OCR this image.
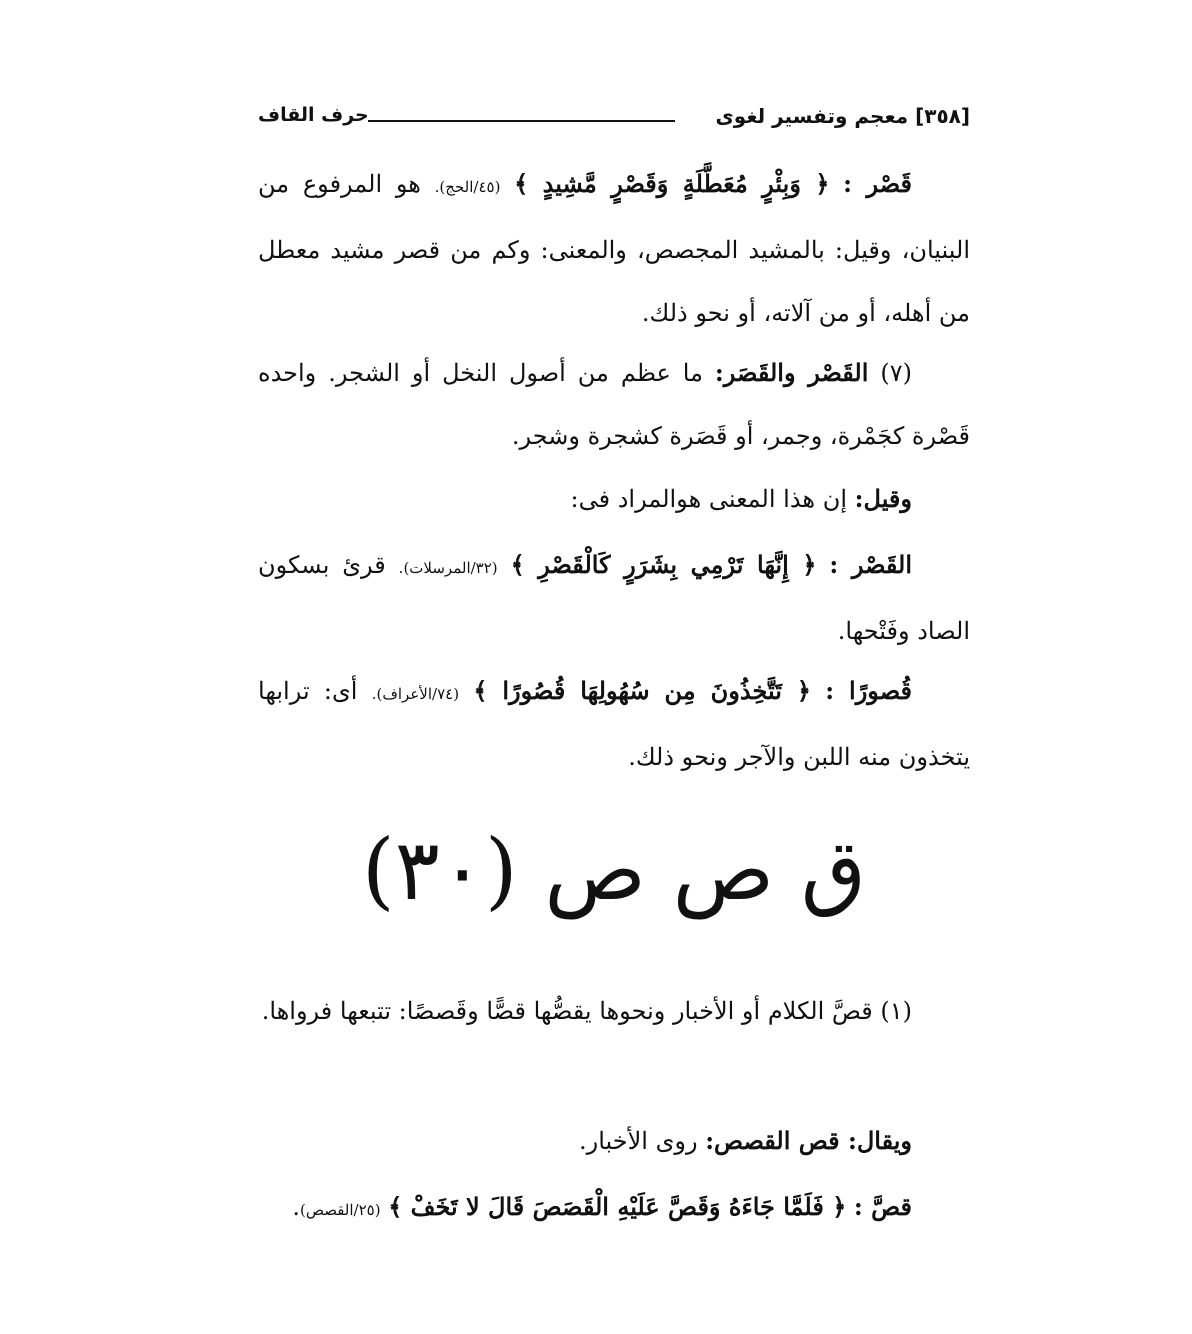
[٣٥٨] معجم وتفسير لغوى
حرف القاف

قَصْر : ﴿ وَبِئْرٍ مُعَطَّلَةٍ وَقَصْرٍ مَّشِيدٍ ﴾ (٤٥/الحج). هو المرفوع من البنيان، وقيل: بالمشيد المجصص، والمعنى: وكم من قصر مشيد معطل من أهله، أو من آلاته، أو نحو ذلك.

(٧) القَصْر والقَصَر: ما عظم من أصول النخل أو الشجر. واحده قَصْرة كجَمْرة، وجمر، أو قَصَرة كشجرة وشجر.

وقيل: إن هذا المعنى هوالمراد فى:

القَصْر : ﴿ إِنَّهَا تَرْمِي بِشَرَرٍ كَالْقَصْرِ ﴾ (٣٢/المرسلات). قرئ بسكون الصاد وفَتْحها.

قُصورًا : ﴿ تَتَّخِذُونَ مِن سُهُولِهَا قُصُورًا ﴾ (٧٤/الأعراف). أى: ترابها يتخذون منه اللبن والآجر ونحو ذلك.

ق ص ص (٣٠)

(١) قصَّ الكلام أو الأخبار ونحوها يقصُّها قصًّا وقَصصًا: تتبعها فرواها.

ويقال: قص القصص: روى الأخبار.

قصَّ : ﴿ فَلَمَّا جَاءَهُ وَقَصَّ عَلَيْهِ الْقَصَصَ قَالَ لا تَخَفْ ﴾ (٢٥/القصص).
